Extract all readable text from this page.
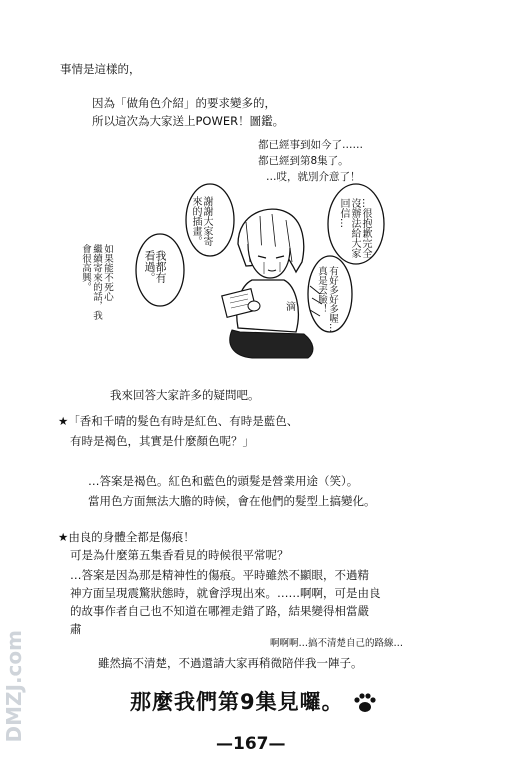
事情是這樣的，
因為「做角色介紹」的要求變多的，
所以這次為大家送上POWER！圖鑑。
都已經事到如今了……
都已經到第8集了。
…哎，就別介意了！
謝謝大家寄
來的插畫。
我都有
看過。
如果能不死心
繼續寄來的話，我
會很高興。
…很抱歉完全
沒辦法給大家
回信…
有好多好多喔…
真是丟臉！
滴
我來回答大家許多的疑問吧。
★「香和千晴的髮色有時是紅色、有時是藍色、
有時是褐色，其實是什麼顏色呢？」
…答案是褐色。紅色和藍色的頭髮是營業用途（笑）。
當用色方面無法大膽的時候，會在他們的髮型上搞變化。
★由良的身體全都是傷痕！
可是為什麼第五集香看見的時候很平常呢？
…答案是因為那是精神性的傷痕。平時雖然不顯眼，不過精
神方面呈現震驚狀態時，就會浮現出來。……啊啊，可是由良
的故事作者自己也不知道在哪裡走錯了路，結果變得相當嚴
肅
啊啊啊…搞不清楚自己的路線…
雖然搞不清楚，不過還請大家再稍微陪伴我一陣子。
那麼我們第9集見囉。
—167—
DMZJ.com
